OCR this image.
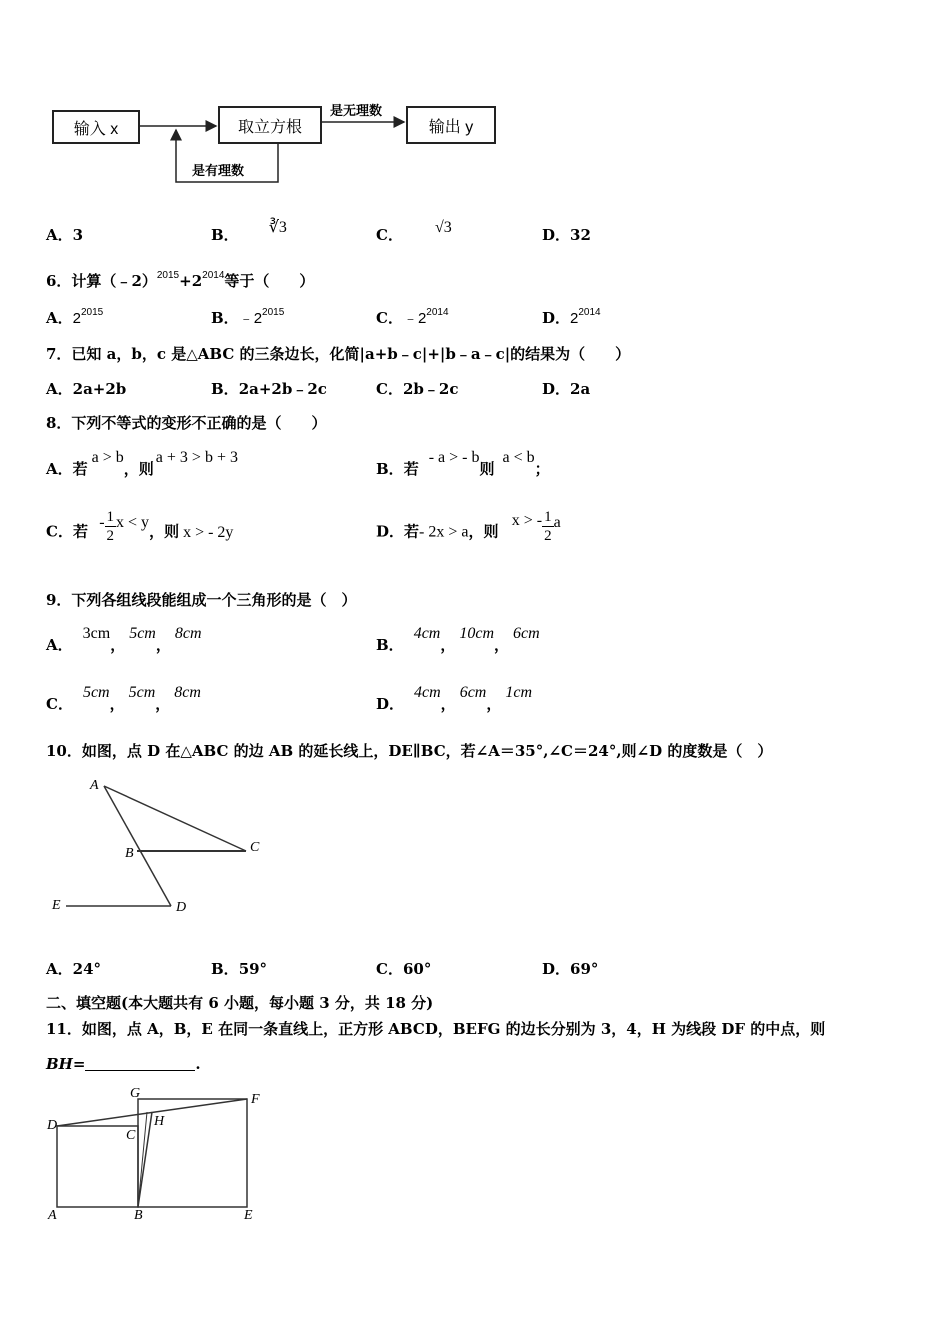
输入 x	取立方根	输出 y
是无理数
是有理数
A．3	B． ∛3	C． √3	D．32
6．计算$(﹣2)^{2015}+2^{2014}$等于（　　）
A．$2^{2015}$	B．$﹣2^{2015}$	C．$﹣2^{2014}$	D．$2^{2014}$
7．已知 a，b，c 是△ABC 的三条边长，化简|a+b﹣c|+|b﹣a﹣c|的结果为（　　）
A．2a+2b	B．2a+2b﹣2c	C．2b﹣2c	D．2a
8．下列不等式的变形不正确的是（　　）
A．若a > b，则a + 3 > b + 3
B．若- a > - b则a < b；
C．若 - $\frac{1}{2}$ x < y，则 x > - 2y	D．若- 2x > a，则 x > - $\frac{1}{2}$ a
9．下列各组线段能组成一个三角形的是（　）
A．3cm，5cm，8cm
B．4cm，10cm，6cm
C．5cm，5cm，8cm
D．4cm，6cm，1cm
10．如图，点 D 在△ABC 的边 AB 的延长线上，DE∥BC，若∠A＝35°,∠C＝24°,则∠D 的度数是（　）
A
B	C
D
E
A．24°	B．59°	C．60°	D．69°
二、填空题(本大题共有 6 小题，每小题 3 分，共 18 分)
11．如图，点 A，B，E 在同一条直线上，正方形 ABCD，BEFG 的边长分别为 3，4，H 为线段 DF 的中点，则
BH=	.
D
G	F
H
C
A	B	E
